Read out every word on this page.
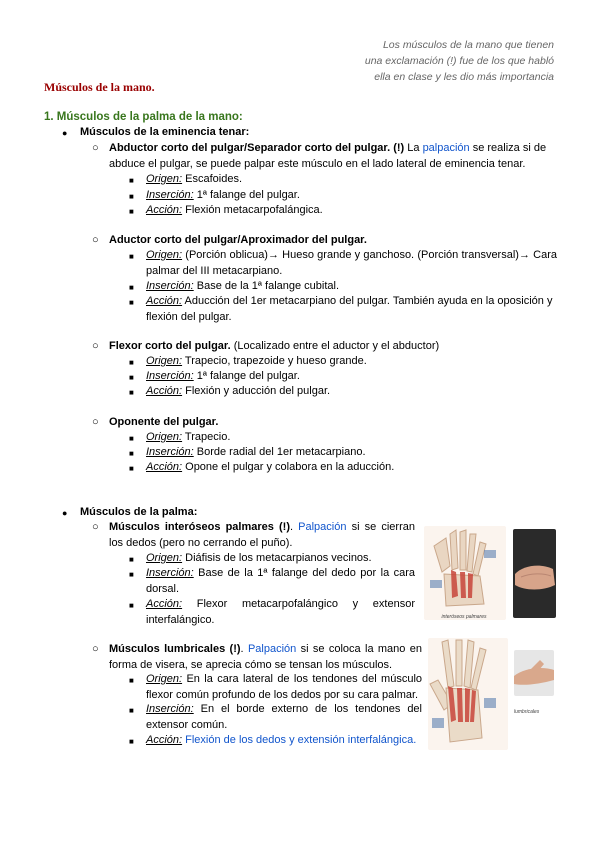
Los músculos de la mano que tienen
una exclamación (!) fue de los que habló
ella en clase y les dio más importancia
Músculos de la mano.
1. Músculos de la palma de la mano:
● Músculos de la eminencia tenar:
○ Abductor corto del pulgar/Separador corto del pulgar. (!) La palpación se realiza si de abduce el pulgar, se puede palpar este músculo en el lado lateral de eminencia tenar.
■ Origen: Escafoides.
■ Inserción: 1ª falange del pulgar.
■ Acción: Flexión metacarpofalángica.
○ Aductor corto del pulgar/Aproximador del pulgar.
■ Origen: (Porción oblicua)→ Hueso grande y ganchoso. (Porción transversal)→ Cara palmar del III metacarpiano.
■ Inserción: Base de la 1ª falange cubital.
■ Acción: Aducción del 1er metacarpiano del pulgar. También ayuda en la oposición y flexión del pulgar.
○ Flexor corto del pulgar. (Localizado entre el aductor y el abductor)
■ Origen: Trapecio, trapezoide y hueso grande.
■ Inserción: 1ª falange del pulgar.
■ Acción: Flexión y aducción del pulgar.
○ Oponente del pulgar.
■ Origen: Trapecio.
■ Inserción: Borde radial del 1er metacarpiano.
■ Acción: Opone el pulgar y colabora en la aducción.
● Músculos de la palma:
○ Músculos interóseos palmares (!). Palpación si se cierran los dedos (pero no cerrando el puño).
■ Origen: Diáfisis de los metacarpianos vecinos.
■ Inserción: Base de la 1ª falange del dedo por la cara dorsal.
■ Acción: Flexor metacarpofalángico y extensor interfalángico.	interóseos palmares
○ Músculos lumbricales (!). Palpación si se coloca la mano en forma de visera, se aprecia cómo se tensan los músculos.
■ Origen: En la cara lateral de los tendones del músculo flexor común profundo de los dedos por su cara palmar.
■ Inserción: En el borde externo de los tendones del extensor común.
■ Acción: Flexión de los dedos y extensión interfalángica.
lumbricales
